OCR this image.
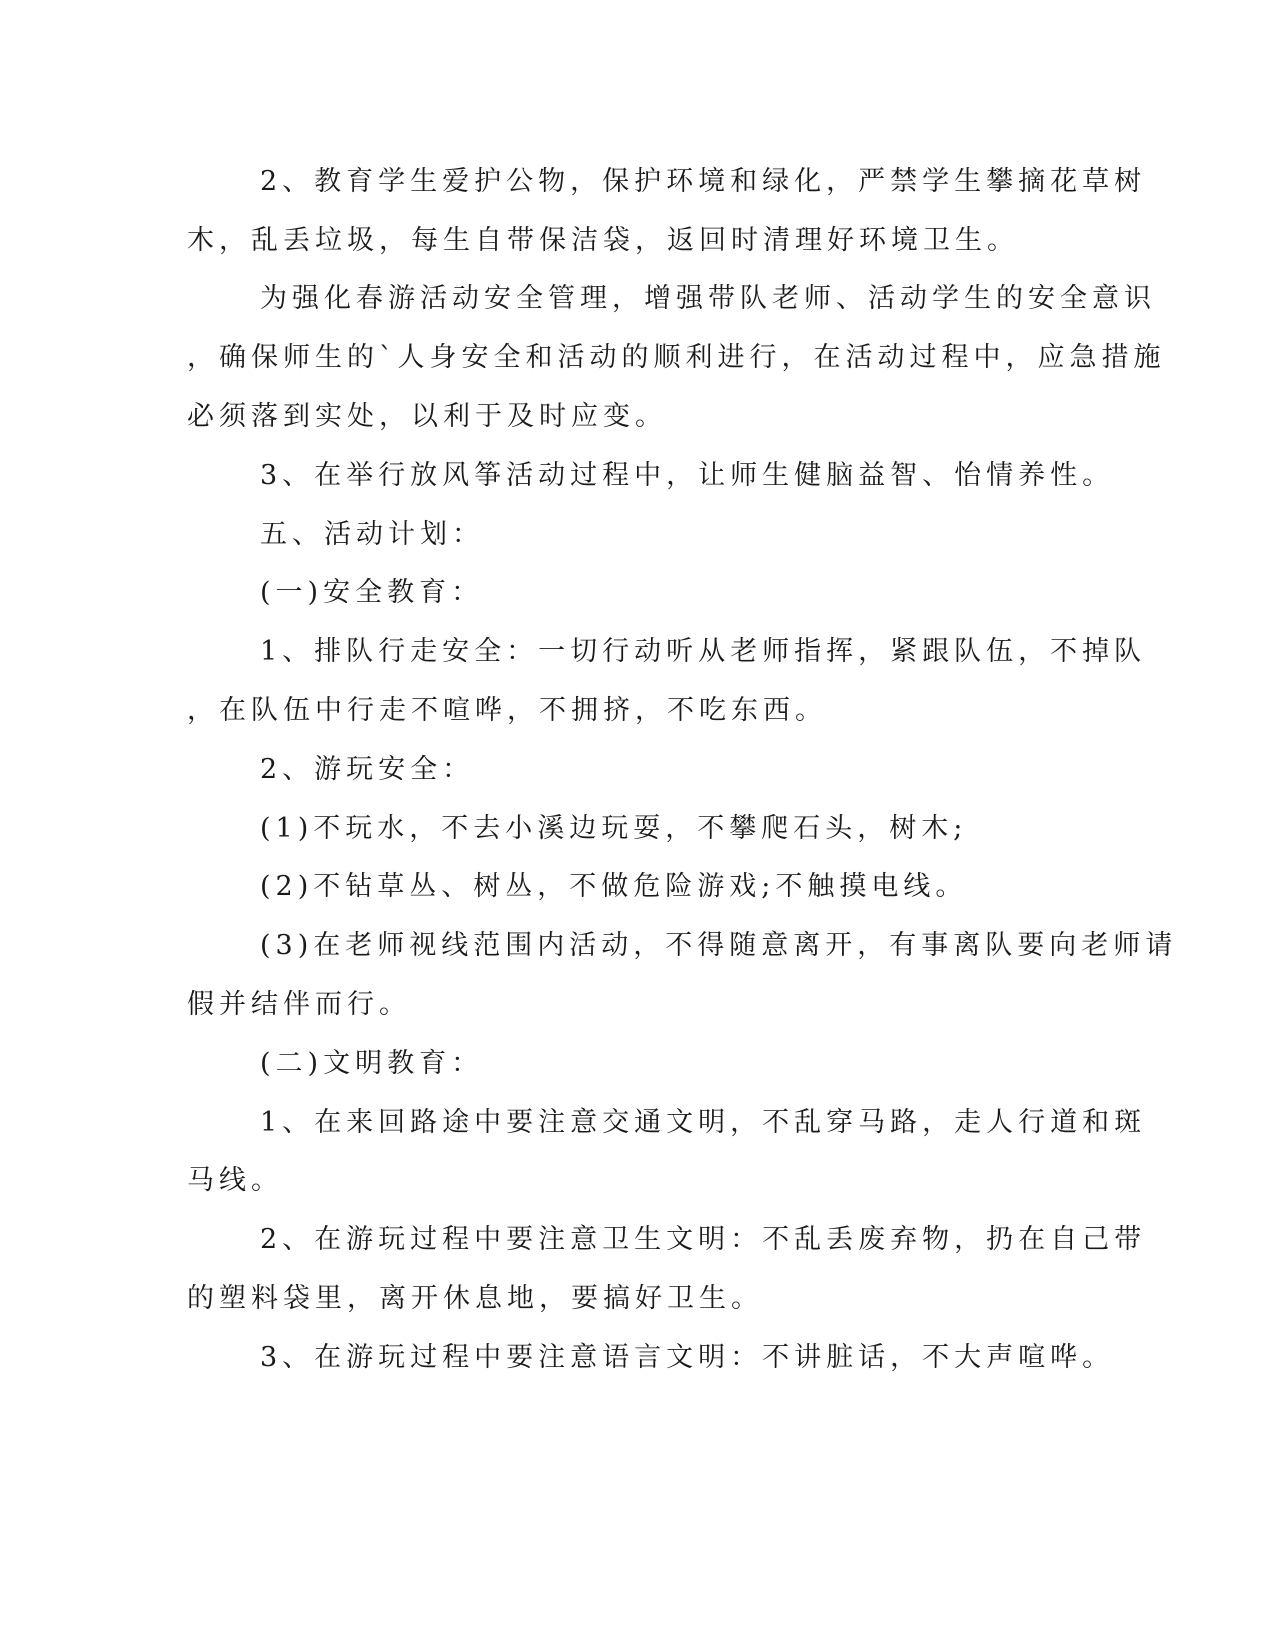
2、教育学生爱护公物，保护环境和绿化，严禁学生攀摘花草树
木，乱丢垃圾，每生自带保洁袋，返回时清理好环境卫生。
为强化春游活动安全管理，增强带队老师、活动学生的安全意识
，确保师生的`人身安全和活动的顺利进行，在活动过程中，应急措施
必须落到实处，以利于及时应变。
3、在举行放风筝活动过程中，让师生健脑益智、怡情养性。
五、活动计划：
(一)安全教育：
1、排队行走安全：一切行动听从老师指挥，紧跟队伍，不掉队
，在队伍中行走不喧哗，不拥挤，不吃东西。
2、游玩安全：
(1)不玩水，不去小溪边玩耍，不攀爬石头，树木;
(2)不钻草丛、树丛，不做危险游戏;不触摸电线。
(3)在老师视线范围内活动，不得随意离开，有事离队要向老师请
假并结伴而行。
(二)文明教育：
1、在来回路途中要注意交通文明，不乱穿马路，走人行道和斑
马线。
2、在游玩过程中要注意卫生文明：不乱丢废弃物，扔在自己带
的塑料袋里，离开休息地，要搞好卫生。
3、在游玩过程中要注意语言文明：不讲脏话，不大声喧哗。
